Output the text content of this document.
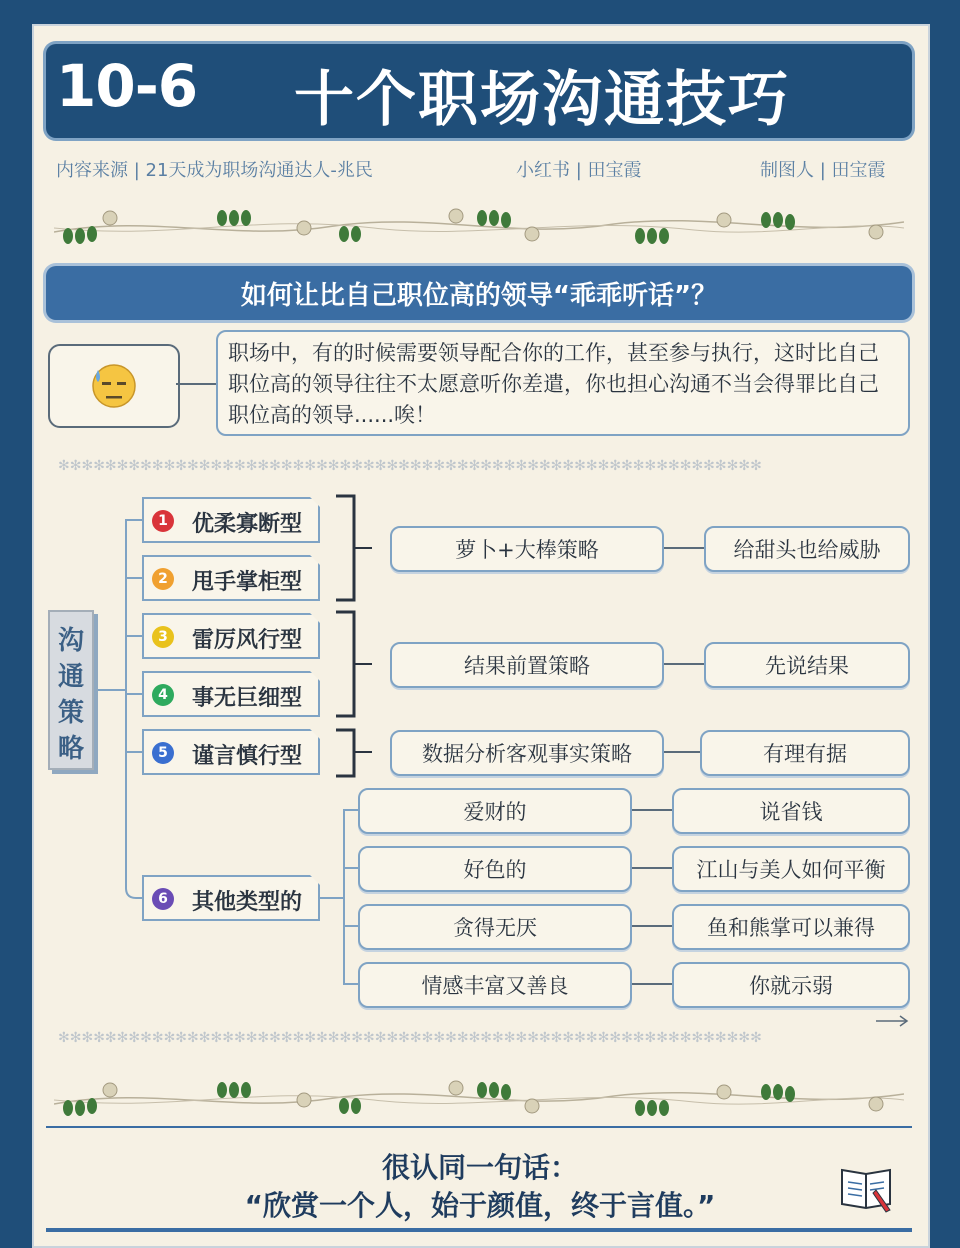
10-6 十个职场沟通技巧
内容来源 | 21天成为职场沟通达人-兆民	小红书 | 田宝霞	制图人 | 田宝霞
如何让比自己职位高的领导“乖乖听话”？
职场中，有的时候需要领导配合你的工作，甚至参与执行，这时比自己职位高的领导往往不太愿意听你差遣，你也担心沟通不当会得罪比自己职位高的领导......唉！
✻✻✻✻✻✻✻✻✻✻✻✻✻✻✻✻✻✻✻✻✻✻✻✻✻✻✻✻✻✻✻✻✻✻✻✻✻✻✻✻✻✻✻✻✻✻✻✻✻✻✻✻✻✻✻✻✻✻✻✻
沟
通
策
略
1 优柔寡断型
2 甩手掌柜型
3 雷厉风行型
4 事无巨细型
5 谨言慎行型
6 其他类型的
萝卜+大棒策略	给甜头也给威胁
结果前置策略	先说结果
数据分析客观事实策略	有理有据
爱财的	说省钱
好色的	江山与美人如何平衡
贪得无厌	鱼和熊掌可以兼得
情感丰富又善良	你就示弱
✻✻✻✻✻✻✻✻✻✻✻✻✻✻✻✻✻✻✻✻✻✻✻✻✻✻✻✻✻✻✻✻✻✻✻✻✻✻✻✻✻✻✻✻✻✻✻✻✻✻✻✻✻✻✻✻✻✻✻✻
很认同一句话：
“欣赏一个人，始于颜值，终于言值。”
